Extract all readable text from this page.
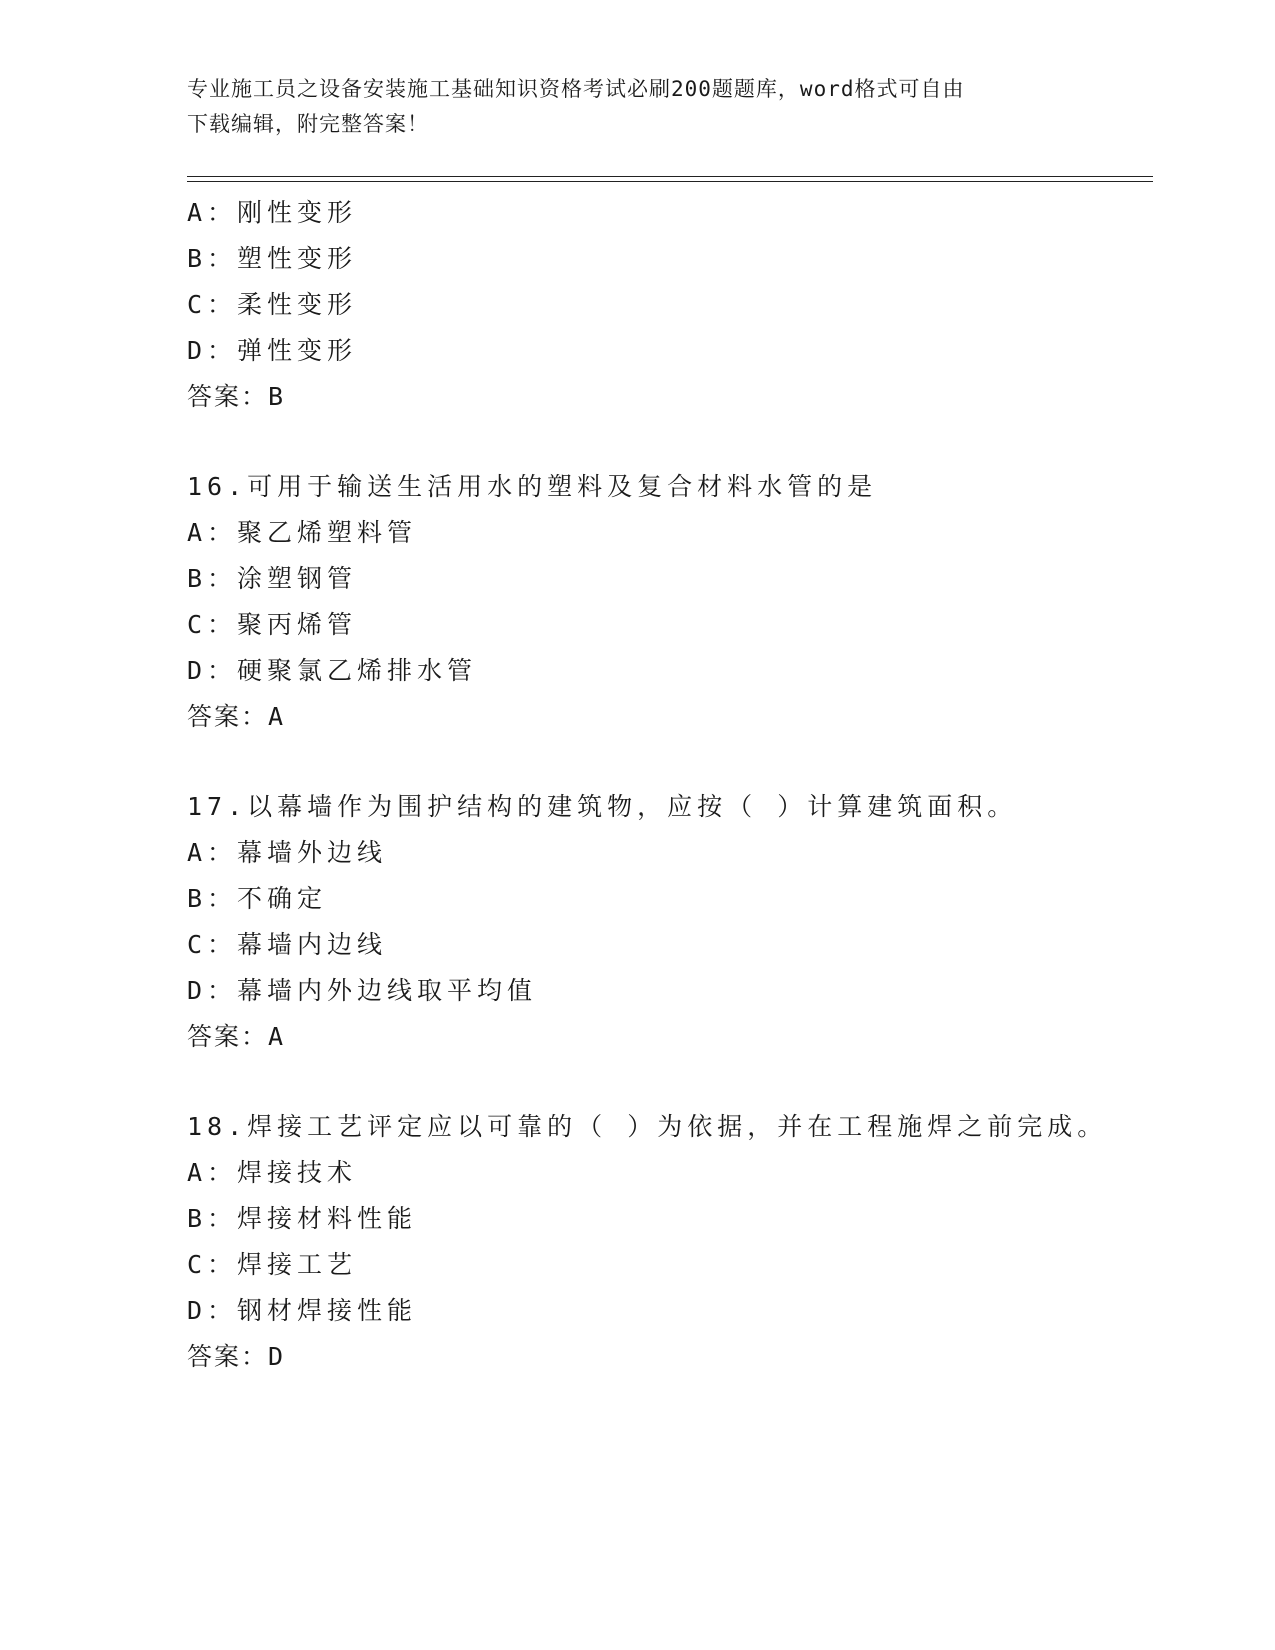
专业施工员之设备安装施工基础知识资格考试必刷200题题库，word格式可自由
下载编辑，附完整答案！
A：刚性变形
B：塑性变形
C：柔性变形
D：弹性变形
答案：B
16.可用于输送生活用水的塑料及复合材料水管的是
A：聚乙烯塑料管
B：涂塑钢管
C：聚丙烯管
D：硬聚氯乙烯排水管
答案：A
17.以幕墙作为围护结构的建筑物，应按（ ）计算建筑面积。
A：幕墙外边线
B：不确定
C：幕墙内边线
D：幕墙内外边线取平均值
答案：A
18.焊接工艺评定应以可靠的（ ）为依据，并在工程施焊之前完成。
A：焊接技术
B：焊接材料性能
C：焊接工艺
D：钢材焊接性能
答案：D
